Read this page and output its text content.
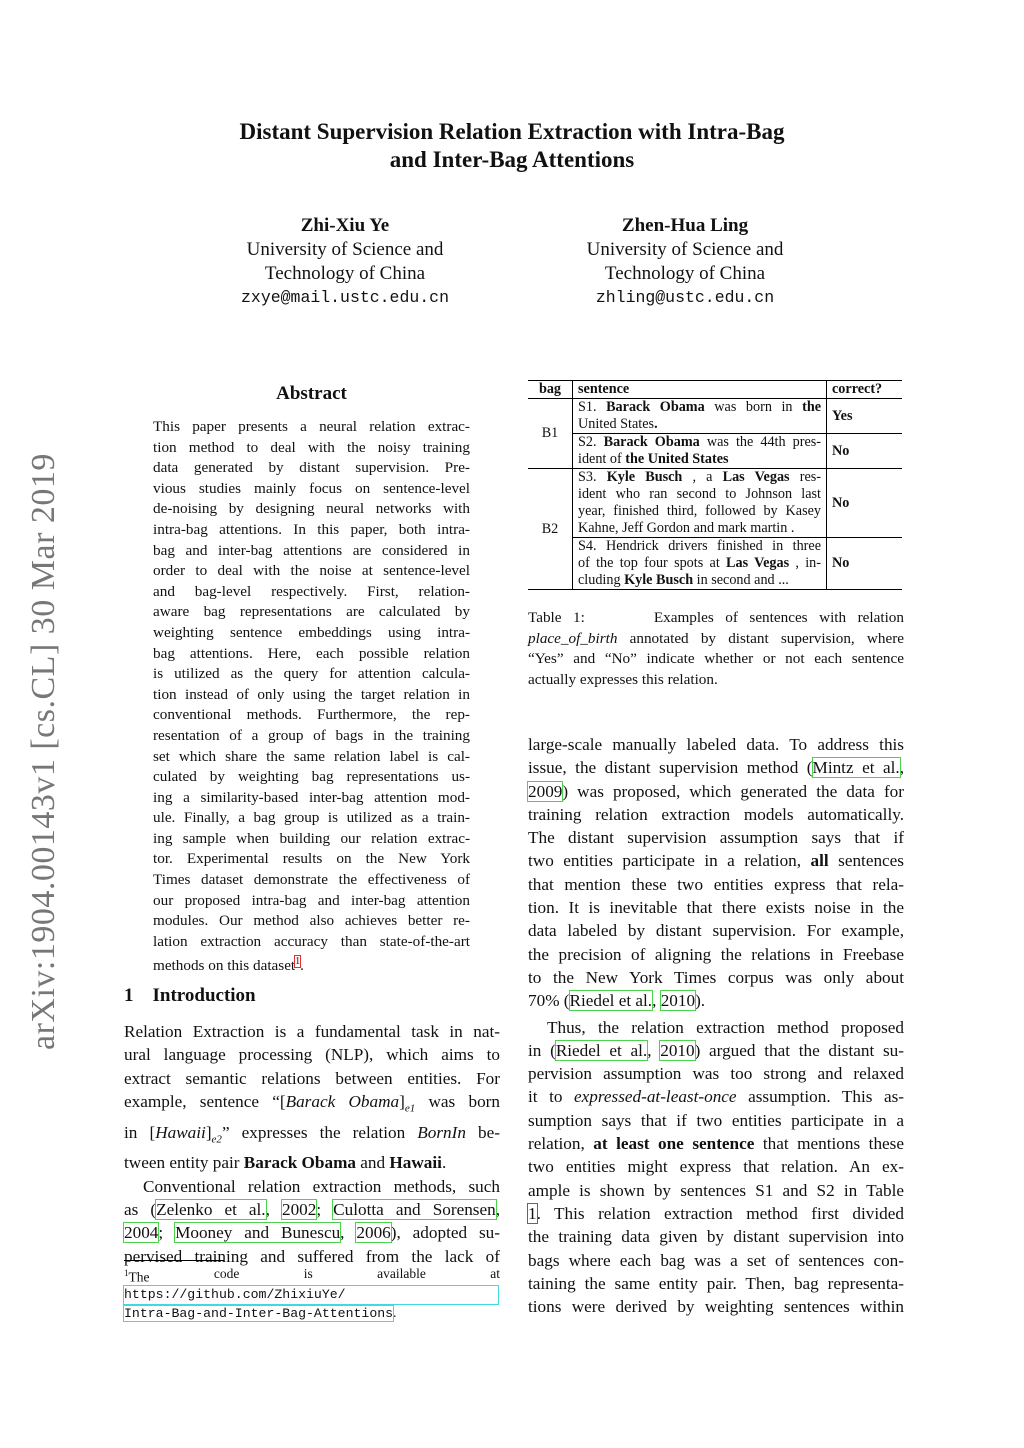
Distant Supervision Relation Extraction with Intra-Bag
and Inter-Bag Attentions
Zhi-Xiu Ye
University of Science and
Technology of China
zxye@mail.ustc.edu.cn
Zhen-Hua Ling
University of Science and
Technology of China
zhling@ustc.edu.cn
arXiv:1904.00143v1 [cs.CL] 30 Mar 2019
Abstract
This paper presents a neural relation extrac-
tion method to deal with the noisy training
data generated by distant supervision. Pre-
vious studies mainly focus on sentence-level
de-noising by designing neural networks with
intra-bag attentions. In this paper, both intra-
bag and inter-bag attentions are considered in
order to deal with the noise at sentence-level
and bag-level respectively. First, relation-
aware bag representations are calculated by
weighting sentence embeddings using intra-
bag attentions. Here, each possible relation
is utilized as the query for attention calcula-
tion instead of only using the target relation in
conventional methods. Furthermore, the rep-
resentation of a group of bags in the training
set which share the same relation label is cal-
culated by weighting bag representations us-
ing a similarity-based inter-bag attention mod-
ule. Finally, a bag group is utilized as a train-
ing sample when building our relation extrac-
tor. Experimental results on the New York
Times dataset demonstrate the effectiveness of
our proposed intra-bag and inter-bag attention
modules. Our method also achieves better re-
lation extraction accuracy than state-of-the-art
methods on this dataset$^1$.
1 Introduction
Relation Extraction is a fundamental task in nat-
ural language processing (NLP), which aims to
extract semantic relations between entities. For
example, sentence “[Barack $Obama]_{e1}$ was born
in $[Hawaii]_{e2}$” expresses the relation BornIn be-
tween entity pair Barack Obama and Hawaii.
Conventional relation extraction methods, such
as (Zelenko et al., 2002; Culotta and Sorensen,
2004; Mooney and Bunescu, 2006), adopted su-
pervised training and suffered from the lack of
$^1$The	code	is	available	at
https://github.com/ZhixiuYe/
Intra-Bag-and-Inter-Bag-Attentions.
bag	sentence	correct?
B1	S1. Barack Obama was born in the
United States.	Yes

	S2. Barack Obama was the 44th pres-
ident of the United States	No
B2	S3. Kyle Busch , a Las Vegas res-
ident who ran second to Johnson last
year, finished third, followed by Kasey
Kahne, Jeff Gordon and mark martin .	No

	S4. Hendrick drivers finished in three
of the top four spots at Las Vegas , in-
cluding Kyle Busch in second and ...	No
Table 1:      Examples of sentences with relation
place_of_birth annotated by distant supervision, where
“Yes” and “No” indicate whether or not each sentence
actually expresses this relation.
large-scale manually labeled data. To address this
issue, the distant supervision method (Mintz et al.,
2009) was proposed, which generated the data for
training relation extraction models automatically.
The distant supervision assumption says that if
two entities participate in a relation, all sentences
that mention these two entities express that rela-
tion. It is inevitable that there exists noise in the
data labeled by distant supervision. For example,
the precision of aligning the relations in Freebase
to the New York Times corpus was only about
70% (Riedel et al., 2010).
Thus, the relation extraction method proposed
in (Riedel et al., 2010) argued that the distant su-
pervision assumption was too strong and relaxed
it to expressed-at-least-once assumption. This as-
sumption says that if two entities participate in a
relation, at least one sentence that mentions these
two entities might express that relation. An ex-
ample is shown by sentences S1 and S2 in Table
1. This relation extraction method first divided
the training data given by distant supervision into
bags where each bag was a set of sentences con-
taining the same entity pair. Then, bag representa-
tions were derived by weighting sentences within
